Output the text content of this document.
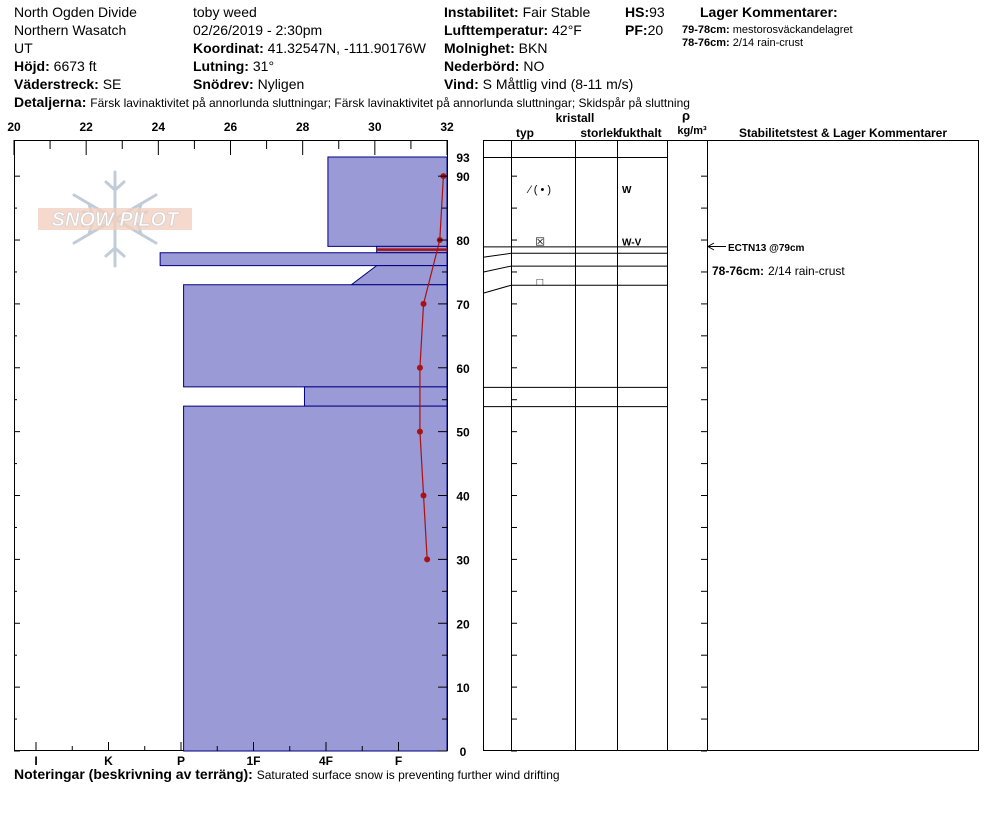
North Ogden Divide
Northern Wasatch
UT
Höjd: 6673 ft
Väderstreck: SE
toby weed
02/26/2019 - 2:30pm
Koordinat: 41.32547N, -111.90176W
Lutning: 31°
Snödrev: Nyligen
Instabilitet: Fair Stable
Lufttemperatur: 42°F
Molnighet: BKN
Nederbörd: NO
Vind: S Måttlig vind (8-11 m/s)
HS:93
PF:20
Lager Kommentarer:
79-78cm: mestorosväckandelagret
78-76cm: 2/14 rain-crust
Detaljerna: Färsk lavinaktivitet på annorlunda sluttningar; Färsk lavinaktivitet på annorlunda sluttningar; Skidspår på sluttning
SNOW PILOT
20	22	24	26	28	30	32
I	K	P	1F	4F	F
0
10
20
30
40
50
60
70
80
90
93
⁄ ( • )	W
☒	W-V
□
kristall
typ	storlek
fukthalt
ρ
kg/m³	Stabilitetstest & Lager Kommentarer
ECTN13 @79cm
78-76cm: 2/14 rain-crust
Noteringar (beskrivning av terräng): Saturated surface snow is preventing further wind drifting
